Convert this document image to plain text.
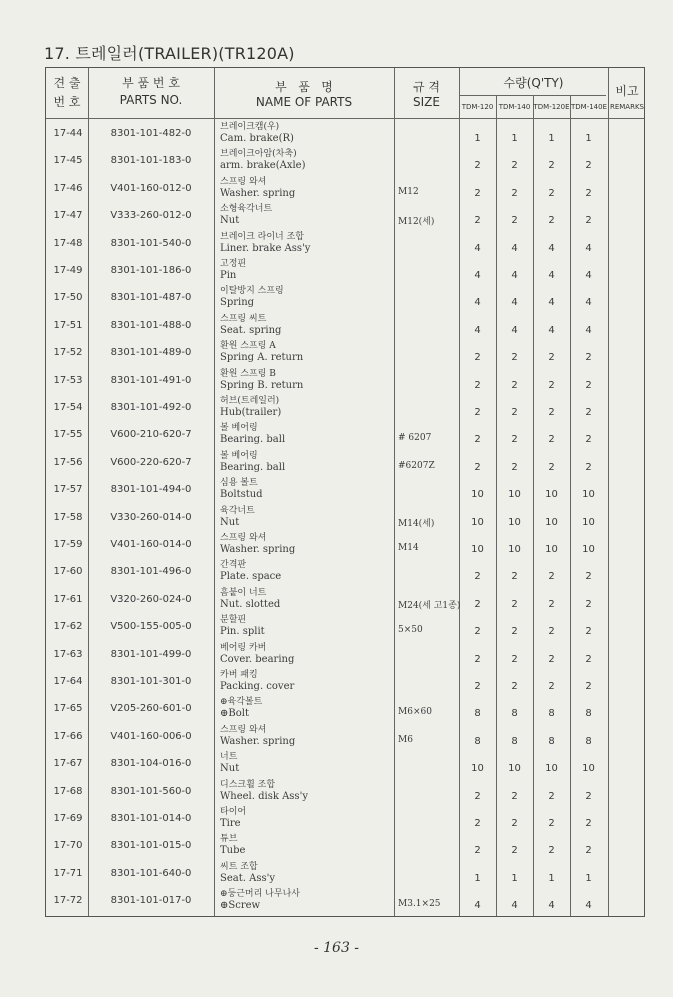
17. 트레일러(TRAILER)(TR120A)
견 출
번 호
부 품 번 호
PARTS NO.
부   품   명
NAME OF PARTS
규 격
SIZE
수량(Q'TY)
TDM-120 TDM-140 TDM-120E TDM-140E
비고
REMARKS
17-44	8301-101-482-0
브레이크캠(우)
Cam. brake(R)	1	1	1	1
17-45	8301-101-183-0
브레이크아암(차축)
arm. brake(Axle)	2	2	2	2
17-46	V401-160-012-0
스프링 와셔
Washer. spring	M12	2	2	2	2
17-47	V333-260-012-0
소형육각너트
Nut	M12(세)	2	2	2	2
17-48	8301-101-540-0
브레이크 라이너 조합
Liner. brake Ass'y	4	4	4	4
17-49	8301-101-186-0
고정핀
Pin	4	4	4	4
17-50	8301-101-487-0
이탈방지 스프링
Spring	4	4	4	4
17-51	8301-101-488-0
스프링 씨트
Seat. spring	4	4	4	4
17-52	8301-101-489-0
환원 스프링 A
Spring A. return	2	2	2	2
17-53	8301-101-491-0
환원 스프링 B
Spring B. return	2	2	2	2
17-54	8301-101-492-0
허브(트레일러)
Hub(trailer)	2	2	2	2
17-55	V600-210-620-7
볼 베어링
Bearing. ball	# 6207	2	2	2	2
17-56	V600-220-620-7
볼 베어링
Bearing. ball	#6207Z	2	2	2	2
17-57	8301-101-494-0
심용 볼트
Boltstud	10	10	10	10
17-58	V330-260-014-0
육각너트
Nut	M14(세)	10	10	10	10
17-59	V401-160-014-0
스프링 와셔
Washer. spring	M14	10	10	10	10
17-60	8301-101-496-0
간격판
Plate. space	2	2	2	2
17-61	V320-260-024-0
흠붙이 너트
Nut. slotted	M24(세 고1종)	2	2	2	2
17-62	V500-155-005-0
분할핀
Pin. split	5×50	2	2	2	2
17-63	8301-101-499-0
베어링 카버
Cover. bearing	2	2	2	2
17-64	8301-101-301-0
카버 패킹
Packing. cover	2	2	2	2
17-65	V205-260-601-0
⊕육각볼트
⊕Bolt	M6×60	8	8	8	8
17-66	V401-160-006-0
스프링 와셔
Washer. spring	M6	8	8	8	8
17-67	8301-104-016-0
너트
Nut	10	10	10	10
17-68	8301-101-560-0
디스크휠 조합
Wheel. disk Ass'y	2	2	2	2
17-69	8301-101-014-0
타이어
Tire	2	2	2	2
17-70	8301-101-015-0
튜브
Tube	2	2	2	2
17-71	8301-101-640-0
씨트 조합
Seat. Ass'y	1	1	1	1
17-72	8301-101-017-0
⊕둥근머리 나무나사
⊕Screw	M3.1×25	4	4	4	4
- 163 -
